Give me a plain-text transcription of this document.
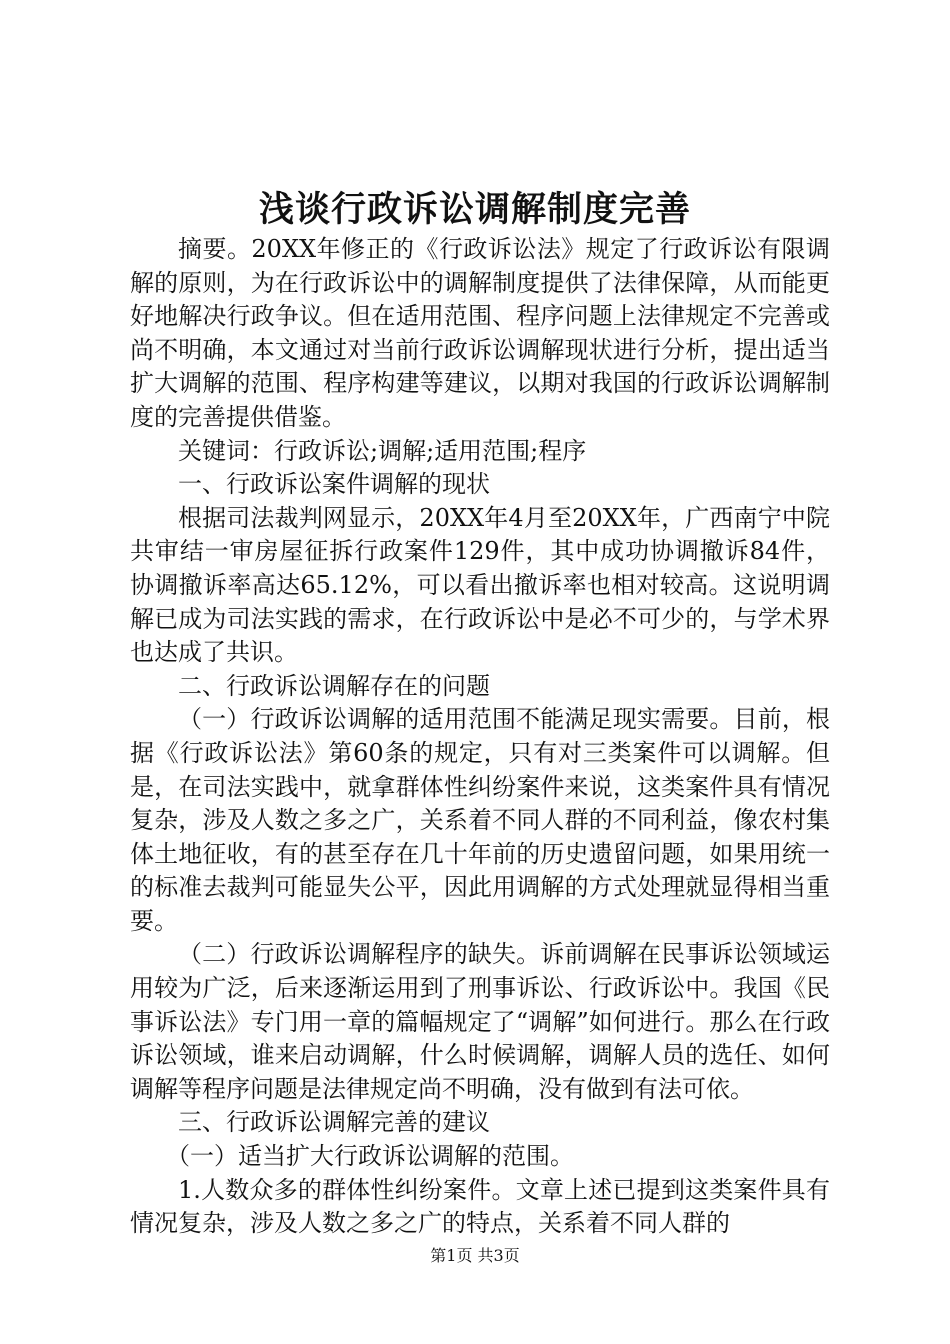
浅谈行政诉讼调解制度完善

摘要。20XX年修正的《行政诉讼法》规定了行政诉讼有限调解的原则，为在行政诉讼中的调解制度提供了法律保障，从而能更好地解决行政争议。但在适用范围、程序问题上法律规定不完善或尚不明确，本文通过对当前行政诉讼调解现状进行分析，提出适当扩大调解的范围、程序构建等建议，以期对我国的行政诉讼调解制度的完善提供借鉴。

关键词：行政诉讼;调解;适用范围;程序

一、行政诉讼案件调解的现状

根据司法裁判网显示，20XX年4月至20XX年，广西南宁中院共审结一审房屋征拆行政案件129件，其中成功协调撤诉84件，协调撤诉率高达65.12%，可以看出撤诉率也相对较高。这说明调解已成为司法实践的需求，在行政诉讼中是必不可少的，与学术界也达成了共识。

二、行政诉讼调解存在的问题

（一）行政诉讼调解的适用范围不能满足现实需要。目前，根据《行政诉讼法》第60条的规定，只有对三类案件可以调解。但是，在司法实践中，就拿群体性纠纷案件来说，这类案件具有情况复杂，涉及人数之多之广，关系着不同人群的不同利益，像农村集体土地征收，有的甚至存在几十年前的历史遗留问题，如果用统一的标准去裁判可能显失公平，因此用调解的方式处理就显得相当重要。

（二）行政诉讼调解程序的缺失。诉前调解在民事诉讼领域运用较为广泛，后来逐渐运用到了刑事诉讼、行政诉讼中。我国《民事诉讼法》专门用一章的篇幅规定了“调解”如何进行。那么在行政诉讼领域，谁来启动调解，什么时候调解，调解人员的选任、如何调解等程序问题是法律规定尚不明确，没有做到有法可依。

三、行政诉讼调解完善的建议

（一）适当扩大行政诉讼调解的范围。

1.人数众多的群体性纠纷案件。文章上述已提到这类案件具有情况复杂，涉及人数之多之广的特点，关系着不同人群的

第1页 共3页
